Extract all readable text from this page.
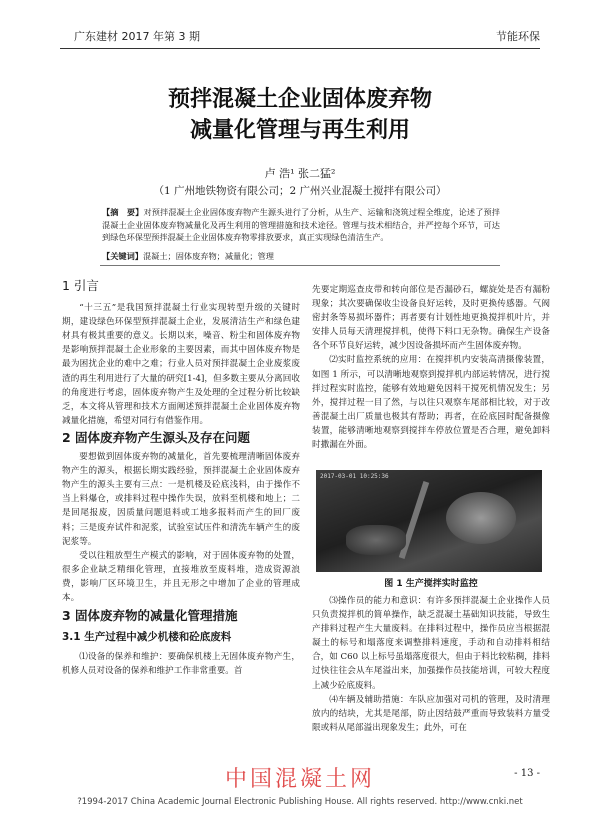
广东建材 2017 年第 3 期	节能环保
预拌混凝土企业固体废弃物
减量化管理与再生利用
卢 浩¹ 张二猛²
（1 广州地铁物资有限公司；2 广州兴业混凝土搅拌有限公司）
【摘　要】对预拌混凝土企业固体废弃物产生源头进行了分析，从生产、运输和浇筑过程全维度，论述了预拌混凝土企业固体废弃物减量化及再生利用的管理措施和技术途径。管理与技术相结合，并严控每个环节，可达到绿色环保型预拌混凝土企业固体废弃物零排放要求，真正实现绿色清洁生产。
【关键词】混凝土；固体废弃物；减量化；管理
1 引言

“十三五”是我国预拌混凝土行业实现转型升级的关键时期，建设绿色环保型预拌混凝土企业，发展清洁生产和绿色建材具有极其重要的意义。长期以来，噪音、粉尘和固体废弃物是影响预拌混凝土企业形象的主要因素，而其中固体废弃物是最为困扰企业的难中之难；行业人员对预拌混凝土企业废浆废渣的再生利用进行了大量的研究[1-4]，但多数主要从分离回收的角度进行考虑，固体废弃物产生及处理的全过程分析比较缺乏，本文将从管理和技术方面阐述预拌混凝土企业固体废弃物减量化措施，希望对同行有借鉴作用。

2 固体废弃物产生源头及存在问题

要想做到固体废弃物的减量化，首先要梳理清晰固体废弃物产生的源头，根据长期实践经验，预拌混凝土企业固体废弃物产生的源头主要有三点：一是机楼及砼底浅料，由于操作不当上料爆仓，或排料过程中操作失误，放料至机楼和地上；二是回尾报废，因质量问题退料或工地多报料而产生的回厂废料；三是废弃试件和泥浆，试验室试压件和清洗车辆产生的废泥浆等。

受以往粗放型生产模式的影响，对于固体废弃物的处置，很多企业缺乏精细化管理，直接堆放至废料堆，造成资源浪费，影响厂区环境卫生，并且无形之中增加了企业的管理成本。

3 固体废弃物的减量化管理措施
3.1 生产过程中减少机楼和砼底废料

⑴设备的保养和维护：要确保机楼上无固体废弃物产生，机修人员对设备的保养和维护工作非常重要。首

先要定期巡查皮带和转向部位是否漏砂石，螺旋处是否有漏粉现象；其次要确保收尘设备良好运转，及时更换传感器。气阀密封条等易损坏器件；再者要有计划性地更换搅拌机叶片，并安排人员每天清理搅拌机，使得下料口无杂物。确保生产设备各个环节良好运转，减少因设备损坏而产生固体废弃物。

⑵实时监控系统的应用：在搅拌机内安装高清摄像装置，如图 1 所示，可以清晰地观察到搅拌机内部运转情况，进行搅拌过程实时监控，能够有效地避免因料干搅死机情况发生；另外，搅拌过程一目了然，与以往只观察车尾部相比较，对于改善混凝土出厂质量也极其有帮助；再者，在砼底园时配备摄像装置，能够清晰地观察到搅拌车停放位置是否合理，避免卸料时撒漏在外面。

2017-03-01 10:25:36
图 1 生产搅拌实时监控

⑶操作员的能力和意识：有许多预拌混凝土企业操作人员只负责搅拌机的简单操作，缺乏混凝土基础知识技能，导致生产排料过程产生大量废料。在排料过程中，操作员应当根据混凝土的标号和塌落度来调整排料速度，手动和自动排料相结合，如 C60 以上标号虽塌落度很大，但由于料比较粘稠，排料过快往往会从车尾溢出来，加强操作员技能培训，可较大程度上减少砼底废料。

⑷车辆及辅助措施：车队应加强对司机的管理，及时清理放内的结块，尤其是尾部，防止因结鼓严重而导致装料方量受限或料从尾部溢出现象发生；此外，可在

中国混凝土网	- 13 -
?1994-2017 China Academic Journal Electronic Publishing House. All rights reserved. http://www.cnki.net
